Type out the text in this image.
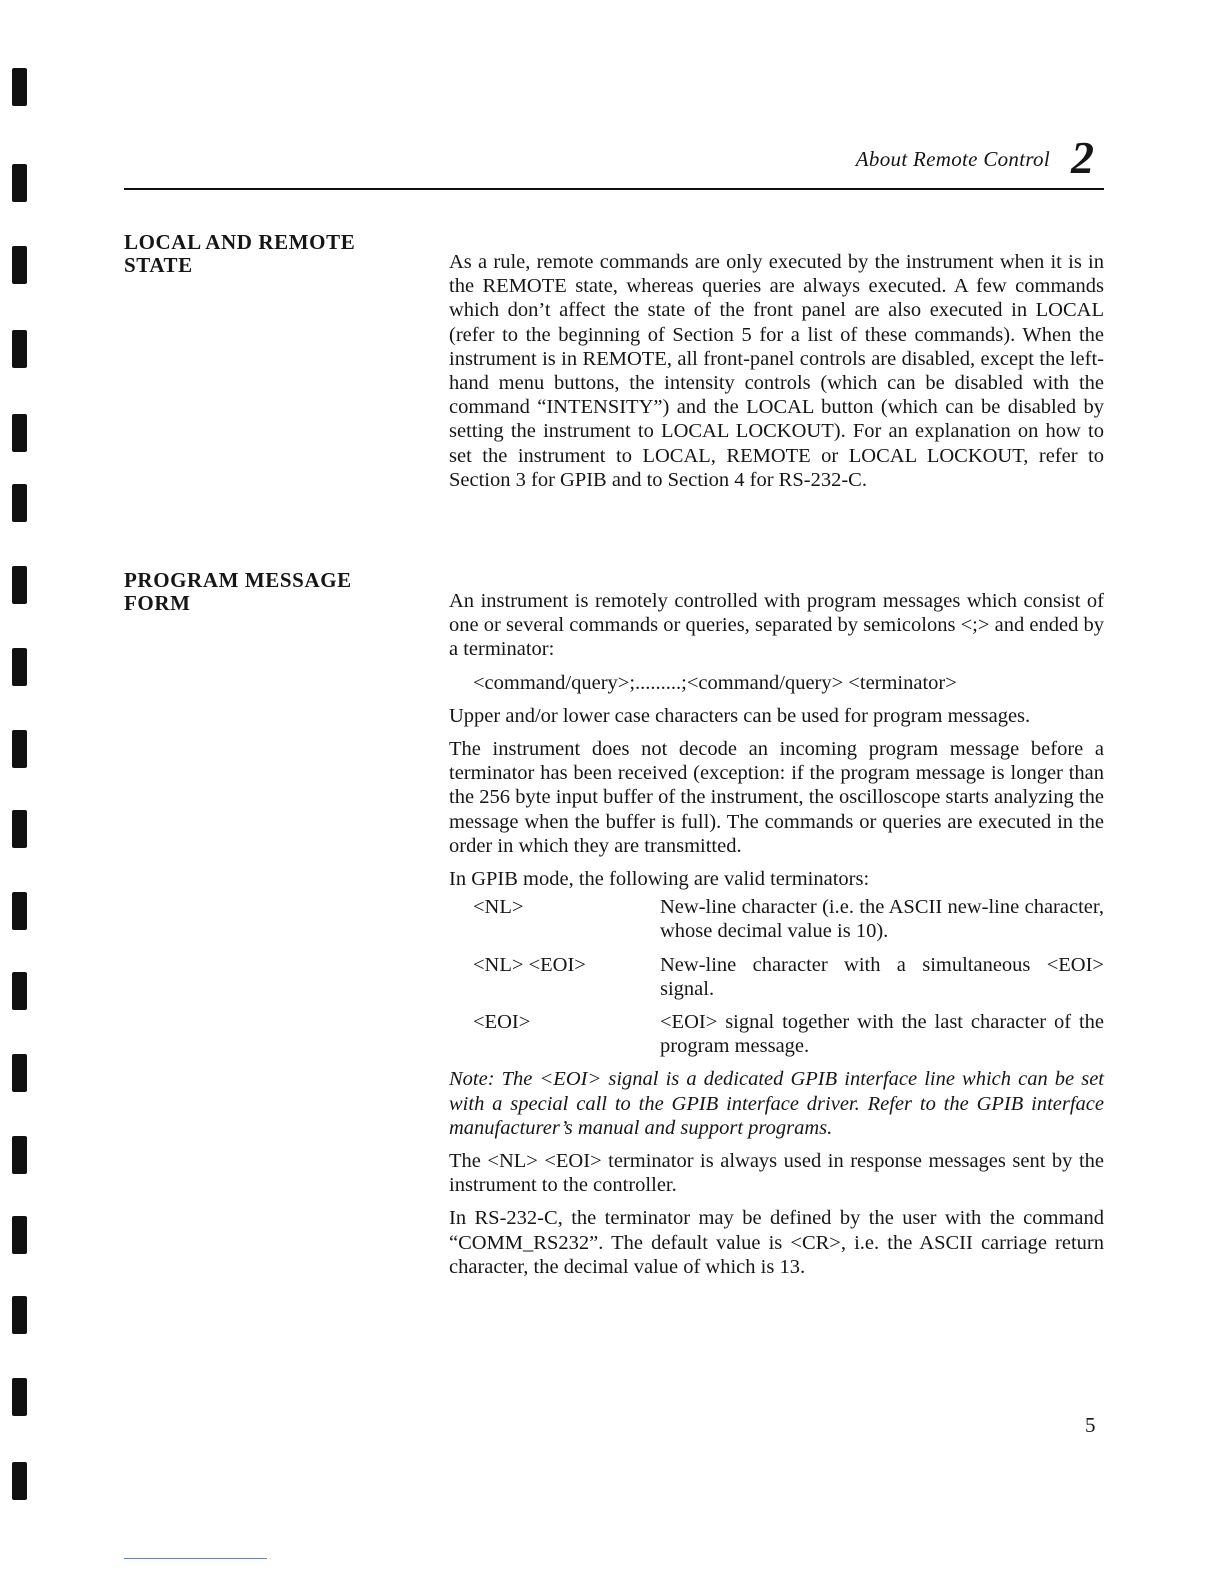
About Remote Control 2
LOCAL AND REMOTE
STATE	As a rule, remote commands are only executed by the instrument when it is in the REMOTE state, whereas queries are always executed. A few commands which don’t affect the state of the front panel are also executed in LOCAL (refer to the beginning of Section 5 for a list of these commands). When the instrument is in REMOTE, all front-panel controls are disabled, except the left-hand menu buttons, the intensity controls (which can be disabled with the command “INTENSITY”) and the LOCAL button (which can be disabled by setting the instrument to LOCAL LOCKOUT). For an explanation on how to set the instrument to LOCAL, REMOTE or LOCAL LOCKOUT, refer to Section 3 for GPIB and to Section 4 for RS-232-C.

PROGRAM MESSAGE
FORM	An instrument is remotely controlled with program messages which consist of one or several commands or queries, separated by semicolons <;> and ended by a terminator:

<command/query>;.........;<command/query> <terminator>

Upper and/or lower case characters can be used for program messages.

The instrument does not decode an incoming program message before a terminator has been received (exception: if the program message is longer than the 256 byte input buffer of the instrument, the oscilloscope starts analyzing the message when the buffer is full). The commands or queries are executed in the order in which they are transmitted.

In GPIB mode, the following are valid terminators:

<NL>	New-line character (i.e. the ASCII new-line character, whose decimal value is 10).
<NL> <EOI>	New-line character with a simultaneous <EOI> signal.
<EOI>	<EOI> signal together with the last character of the program message.

Note: The <EOI> signal is a dedicated GPIB interface line which can be set with a special call to the GPIB interface driver. Refer to the GPIB interface manufacturer’s manual and support programs.

The <NL> <EOI> terminator is always used in response messages sent by the instrument to the controller.

In RS-232-C, the terminator may be defined by the user with the command “COMM_RS232”. The default value is <CR>, i.e. the ASCII carriage return character, the decimal value of which is 13.

5
